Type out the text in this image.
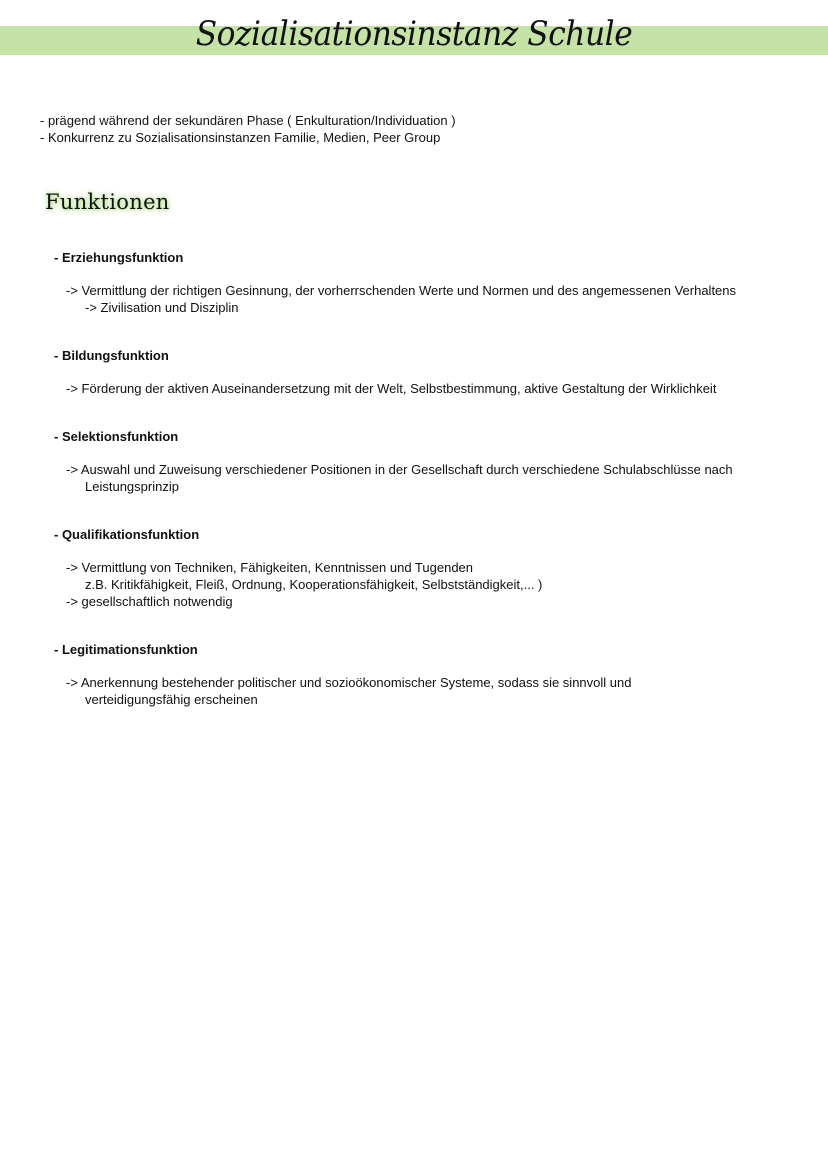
Sozialisationsinstanz Schule
- prägend während der sekundären Phase ( Enkulturation/Individuation )
- Konkurrenz zu Sozialisationsinstanzen Familie, Medien, Peer Group
Funktionen
- Erziehungsfunktion
-> Vermittlung der richtigen Gesinnung, der vorherrschenden Werte und Normen und des angemessenen Verhaltens
-> Zivilisation und Disziplin
- Bildungsfunktion
-> Förderung der aktiven Auseinandersetzung mit der Welt, Selbstbestimmung, aktive Gestaltung der Wirklichkeit
- Selektionsfunktion
-> Auswahl und Zuweisung verschiedener Positionen in der Gesellschaft durch verschiedene Schulabschlüsse nach
Leistungsprinzip
- Qualifikationsfunktion
-> Vermittlung von Techniken, Fähigkeiten, Kenntnissen und Tugenden
z.B. Kritikfähigkeit, Fleiß, Ordnung, Kooperationsfähigkeit, Selbstständigkeit,... )
-> gesellschaftlich notwendig
- Legitimationsfunktion
-> Anerkennung bestehender politischer und sozioökonomischer Systeme, sodass sie sinnvoll und
verteidigungsfähig erscheinen
